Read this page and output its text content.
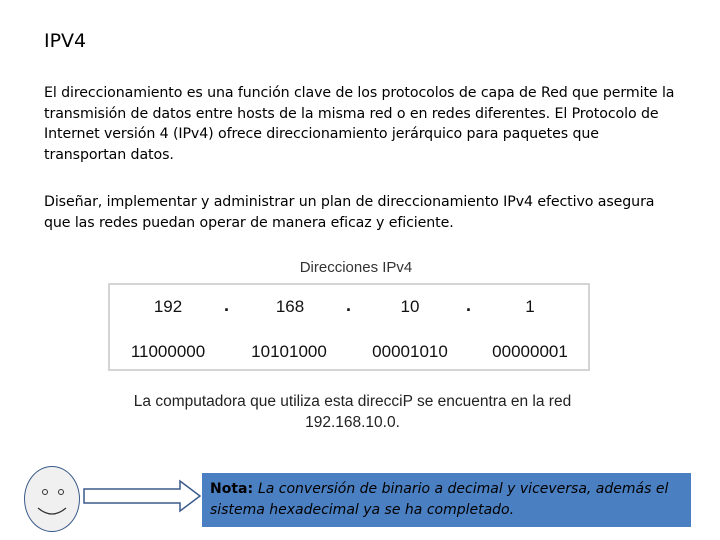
IPV4
El direccionamiento es una función clave de los protocolos de capa de Red que permite la transmisión de datos entre hosts de la misma red o en redes diferentes. El Protocolo de Internet versión 4 (IPv4) ofrece direccionamiento jerárquico para paquetes que transportan datos.
Diseñar, implementar y administrar un plan de direccionamiento IPv4 efectivo asegura que las redes puedan operar de manera eficaz y eficiente.
Direcciones IPv4
192	.	168	.	10	.	1
11000000	10101000	00001010	00000001
La computadora que utiliza esta direcciP se encuentra en la red
192.168.10.0.
Nota: La conversión de binario a decimal y viceversa, además el sistema hexadecimal ya se ha completado.
